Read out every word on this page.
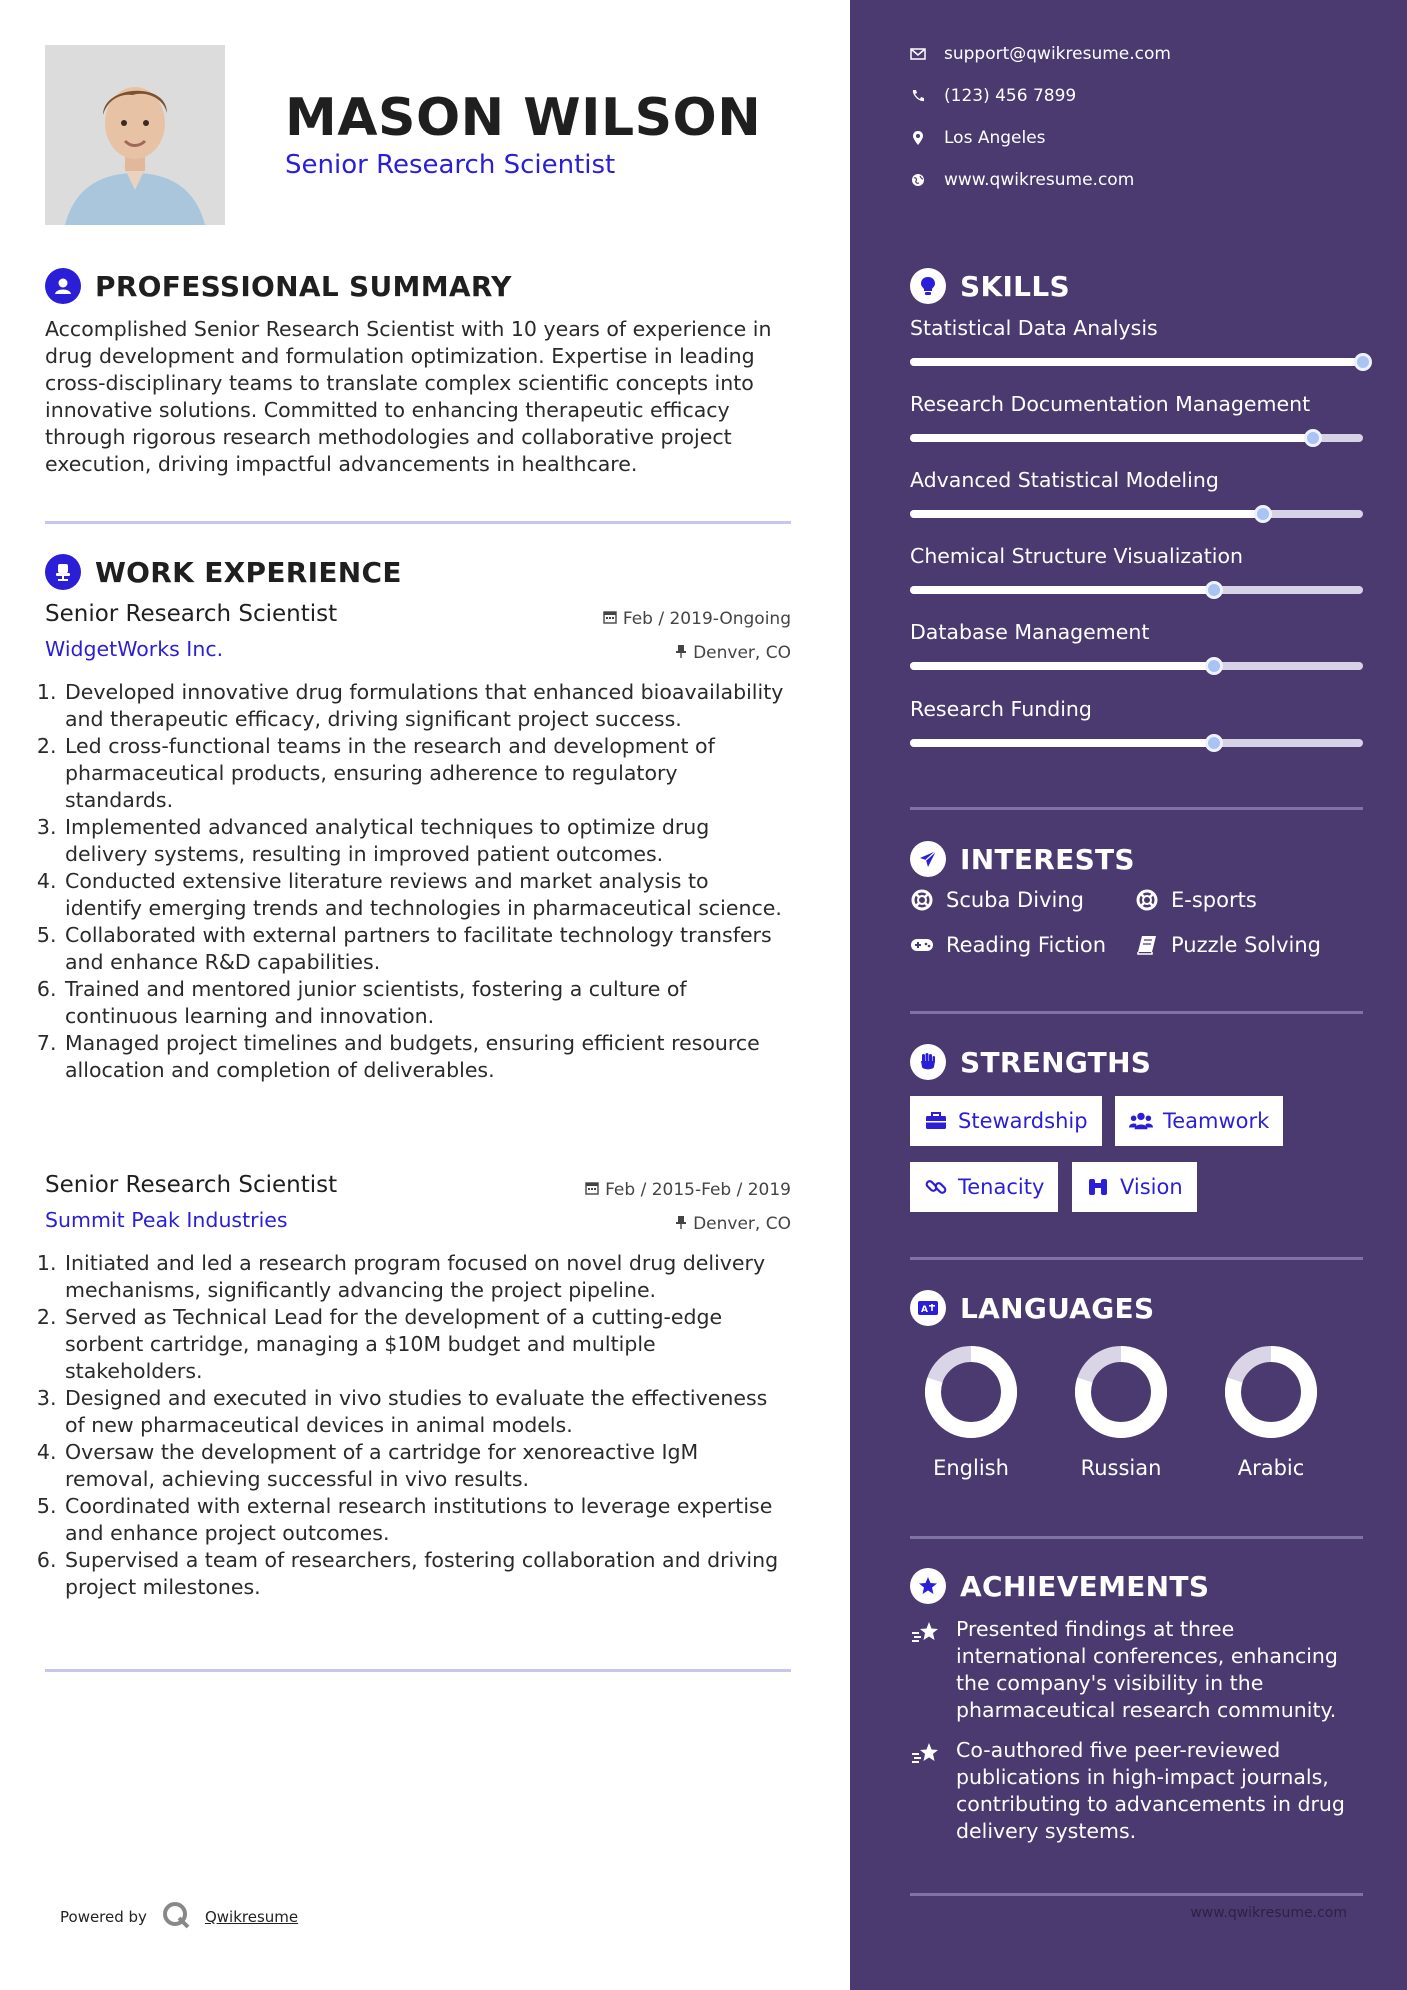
MASON WILSON
Senior Research Scientist
PROFESSIONAL SUMMARY
Accomplished Senior Research Scientist with 10 years of experience in drug development and formulation optimization. Expertise in leading cross-disciplinary teams to translate complex scientific concepts into innovative solutions. Committed to enhancing therapeutic efficacy through rigorous research methodologies and collaborative project execution, driving impactful advancements in healthcare.
WORK EXPERIENCE
Senior Research Scientist	Feb / 2019-Ongoing
WidgetWorks Inc.	Denver, CO
1. Developed innovative drug formulations that enhanced bioavailability and therapeutic efficacy, driving significant project success.
2. Led cross-functional teams in the research and development of pharmaceutical products, ensuring adherence to regulatory standards.
3. Implemented advanced analytical techniques to optimize drug delivery systems, resulting in improved patient outcomes.
4. Conducted extensive literature reviews and market analysis to identify emerging trends and technologies in pharmaceutical science.
5. Collaborated with external partners to facilitate technology transfers and enhance R&D capabilities.
6. Trained and mentored junior scientists, fostering a culture of continuous learning and innovation.
7. Managed project timelines and budgets, ensuring efficient resource allocation and completion of deliverables.
Senior Research Scientist	Feb / 2015-Feb / 2019
Summit Peak Industries	Denver, CO
1. Initiated and led a research program focused on novel drug delivery mechanisms, significantly advancing the project pipeline.
2. Served as Technical Lead for the development of a cutting-edge sorbent cartridge, managing a $10M budget and multiple stakeholders.
3. Designed and executed in vivo studies to evaluate the effectiveness of new pharmaceutical devices in animal models.
4. Oversaw the development of a cartridge for xenoreactive IgM removal, achieving successful in vivo results.
5. Coordinated with external research institutions to leverage expertise and enhance project outcomes.
6. Supervised a team of researchers, fostering collaboration and driving project milestones.
Powered by	Qwikresume
support@qwikresume.com
(123) 456 7899
Los Angeles
www.qwikresume.com
SKILLS
Statistical Data Analysis
Research Documentation Management
Advanced Statistical Modeling
Chemical Structure Visualization
Database Management
Research Funding
INTERESTS
Scuba Diving	E-sports
Reading Fiction	Puzzle Solving
STRENGTHS
Stewardship	Teamwork
Tenacity	Vision
A LANGUAGES
English	Russian	Arabic
ACHIEVEMENTS
Presented findings at three international conferences, enhancing the company's visibility in the pharmaceutical research community.
Co-authored five peer-reviewed publications in high-impact journals, contributing to advancements in drug delivery systems.
www.qwikresume.com
